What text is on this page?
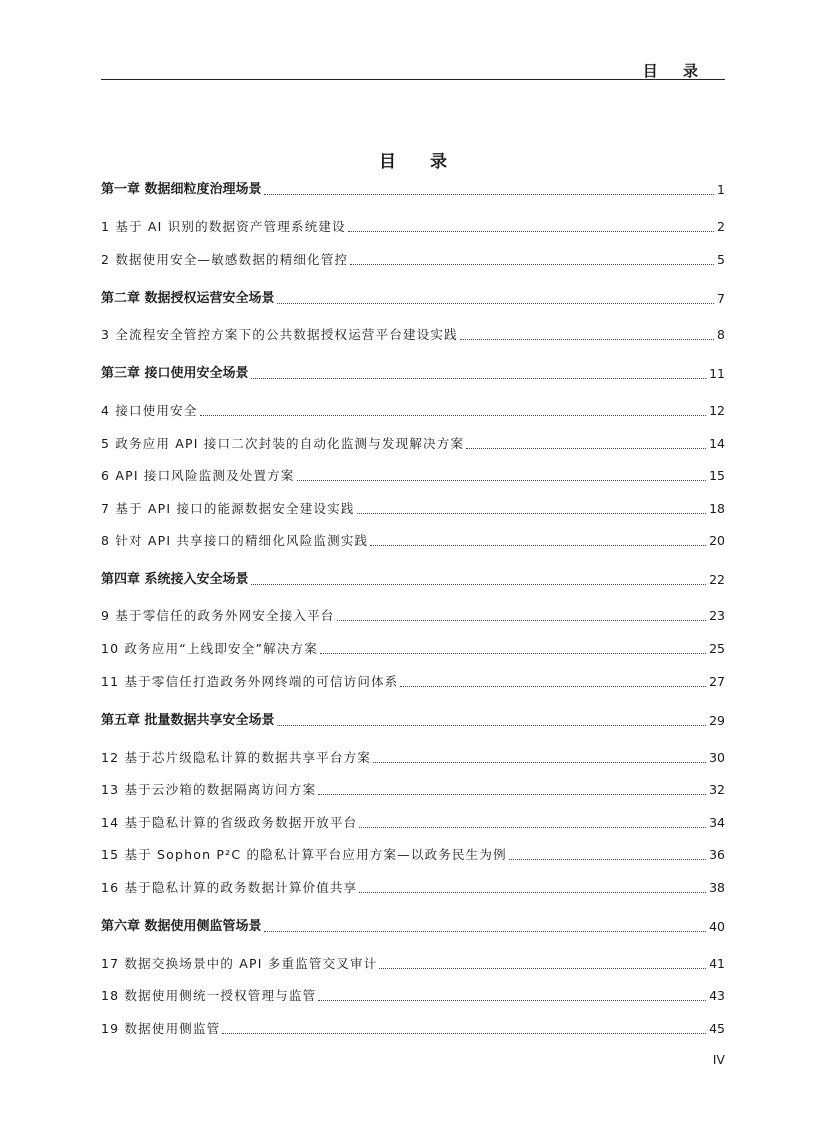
目 录
目 录
第一章 数据细粒度治理场景	1
1 基于 AI 识别的数据资产管理系统建设	2
2 数据使用安全—敏感数据的精细化管控	5
第二章 数据授权运营安全场景	7
3 全流程安全管控方案下的公共数据授权运营平台建设实践	8
第三章 接口使用安全场景	11
4 接口使用安全	12
5 政务应用 API 接口二次封装的自动化监测与发现解决方案	14
6 API 接口风险监测及处置方案	15
7 基于 API 接口的能源数据安全建设实践	18
8 针对 API 共享接口的精细化风险监测实践	20
第四章 系统接入安全场景	22
9 基于零信任的政务外网安全接入平台	23
10 政务应用“上线即安全”解决方案	25
11 基于零信任打造政务外网终端的可信访问体系	27
第五章 批量数据共享安全场景	29
12 基于芯片级隐私计算的数据共享平台方案	30
13 基于云沙箱的数据隔离访问方案	32
14 基于隐私计算的省级政务数据开放平台	34
15 基于 Sophon P²C 的隐私计算平台应用方案—以政务民生为例	36
16 基于隐私计算的政务数据计算价值共享	38
第六章 数据使用侧监管场景	40
17 数据交换场景中的 API 多重监管交叉审计	41
18 数据使用侧统一授权管理与监管	43
19 数据使用侧监管	45
IV
